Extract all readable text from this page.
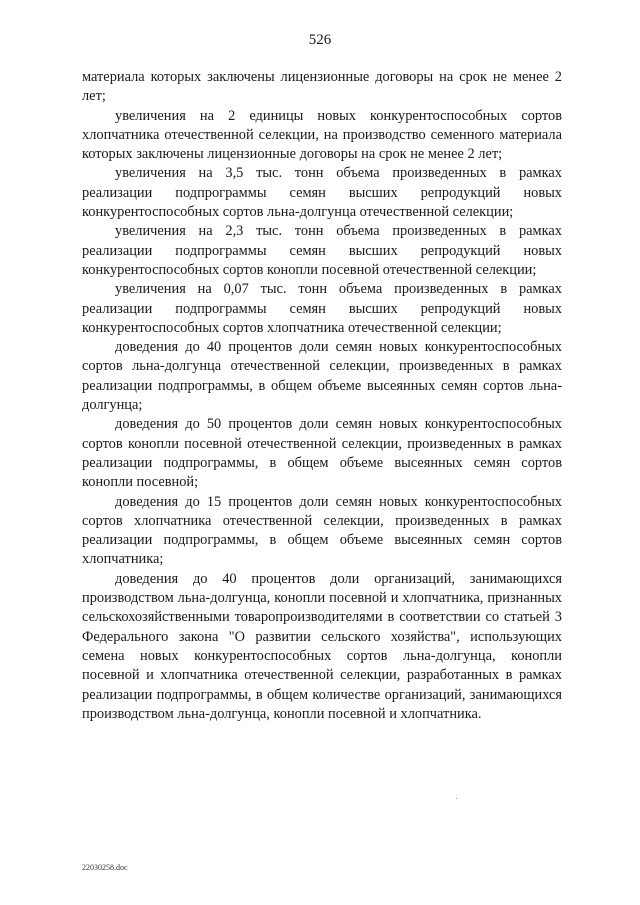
526

материала которых заключены лицензионные договоры на срок не менее 2 лет;

увеличения на 2 единицы новых конкурентоспособных сортов хлопчатника отечественной селекции, на производство семенного материала которых заключены лицензионные договоры на срок не менее 2 лет;

увеличения на 3,5 тыс. тонн объема произведенных в рамках реализации подпрограммы семян высших репродукций новых конкурентоспособных сортов льна-долгунца отечественной селекции;

увеличения на 2,3 тыс. тонн объема произведенных в рамках реализации подпрограммы семян высших репродукций новых конкурентоспособных сортов конопли посевной отечественной селекции;

увеличения на 0,07 тыс. тонн объема произведенных в рамках реализации подпрограммы семян высших репродукций новых конкурентоспособных сортов хлопчатника отечественной селекции;

доведения до 40 процентов доли семян новых конкурентоспособных сортов льна-долгунца отечественной селекции, произведенных в рамках реализации подпрограммы, в общем объеме высеянных семян сортов льна-долгунца;

доведения до 50 процентов доли семян новых конкурентоспособных сортов конопли посевной отечественной селекции, произведенных в рамках реализации подпрограммы, в общем объеме высеянных семян сортов конопли посевной;

доведения до 15 процентов доли семян новых конкурентоспособных сортов хлопчатника отечественной селекции, произведенных в рамках реализации подпрограммы, в общем объеме высеянных семян сортов хлопчатника;

доведения до 40 процентов доли организаций, занимающихся производством льна-долгунца, конопли посевной и хлопчатника, признанных сельскохозяйственными товаропроизводителями в соответствии со статьей 3 Федерального закона "О развитии сельского хозяйства", использующих семена новых конкурентоспособных сортов льна-долгунца, конопли посевной и хлопчатника отечественной селекции, разработанных в рамках реализации подпрограммы, в общем количестве организаций, занимающихся производством льна-долгунца, конопли посевной и хлопчатника.

22030258.doc
